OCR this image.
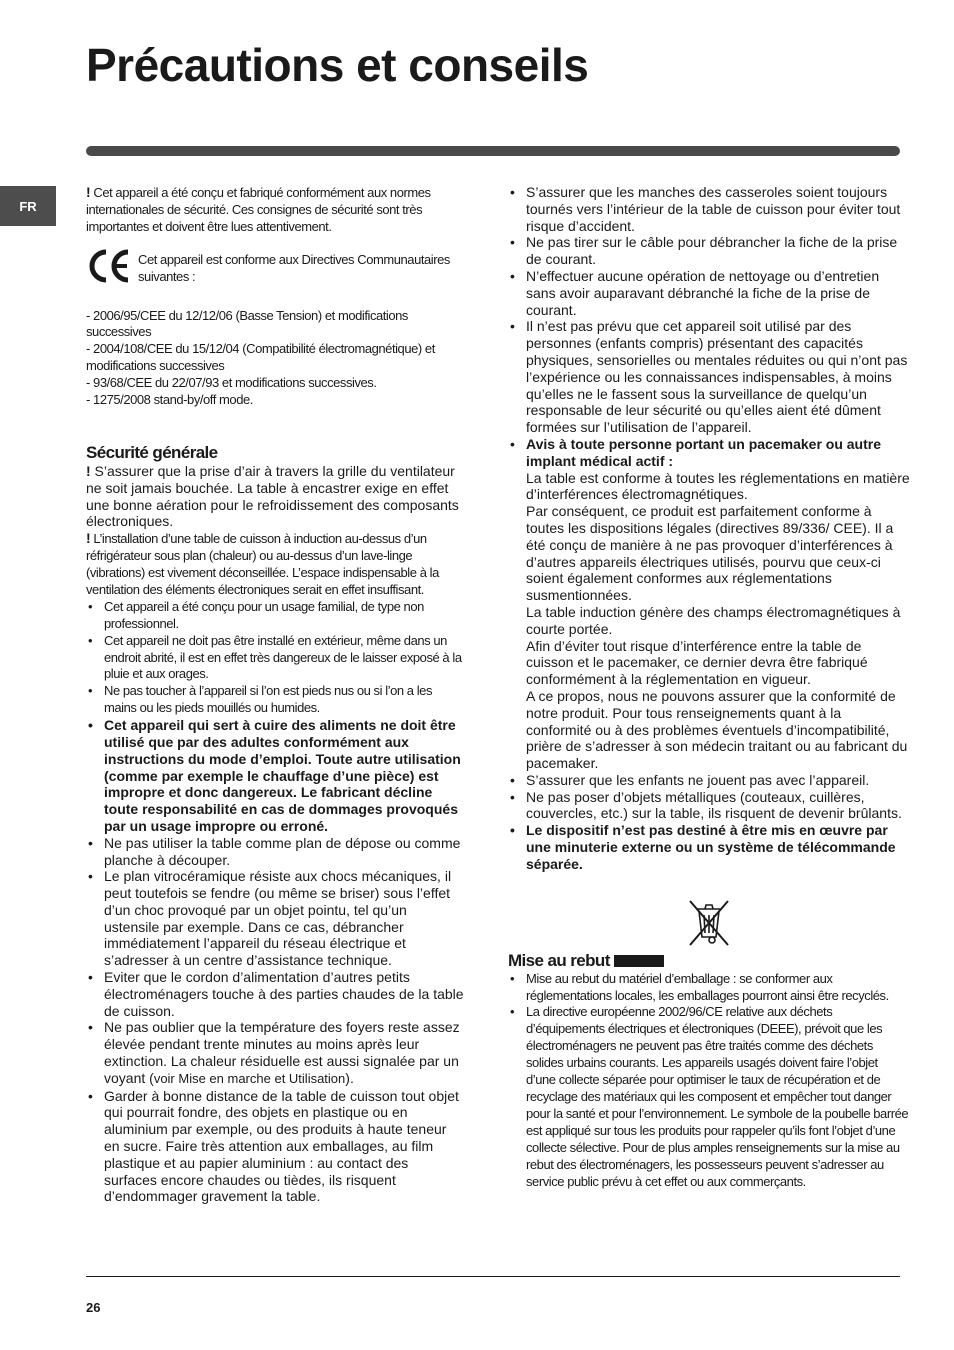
Précautions et conseils
FR

! Cet appareil a été conçu et fabriqué conformément aux normes internationales de sécurité. Ces consignes de sécurité sont très importantes et doivent être lues attentivement.

Cet appareil est conforme aux Directives Communautaires suivantes :

- 2006/95/CEE du 12/12/06 (Basse Tension) et modifications successives

- 2004/108/CEE du 15/12/04 (Compatibilité électromagnétique) et modifications successives

- 93/68/CEE du 22/07/93 et modifications successives.

- 1275/2008 stand-by/off mode.

Sécurité générale

! S’assurer que la prise d’air à travers la grille du ventilateur ne soit jamais bouchée. La table à encastrer exige en effet une bonne aération pour le refroidissement des composants électroniques.

! L’installation d’une table de cuisson à induction au-dessus d’un réfrigérateur sous plan (chaleur) ou au-dessus d’un lave-linge (vibrations) est vivement déconseillée. L’espace indispensable à la ventilation des éléments électroniques serait en effet insuffisant.

• Cet appareil a été conçu pour un usage familial, de type non professionnel.
• Cet appareil ne doit pas être installé en extérieur, même dans un endroit abrité, il est en effet très dangereux de le laisser exposé à la pluie et aux orages.
• Ne pas toucher à l’appareil si l’on est pieds nus ou si l’on a les mains ou les pieds mouillés ou humides.
• Cet appareil qui sert à cuire des aliments ne doit être utilisé que par des adultes conformément aux instructions du mode d’emploi. Toute autre utilisation (comme par exemple le chauffage d’une pièce) est impropre et donc dangereux. Le fabricant décline toute responsabilité en cas de dommages provoqués par un usage impropre ou erroné.
• Ne pas utiliser la table comme plan de dépose ou comme planche à découper.
• Le plan vitrocéramique résiste aux chocs mécaniques, il peut toutefois se fendre (ou même se briser) sous l’effet d’un choc provoqué par un objet pointu, tel qu’un ustensile par exemple. Dans ce cas, débrancher immédiatement l’appareil du réseau électrique et s’adresser à un centre d’assistance technique.
• Eviter que le cordon d’alimentation d’autres petits électroménagers touche à des parties chaudes de la table de cuisson.
• Ne pas oublier que la température des foyers reste assez élevée pendant trente minutes au moins après leur extinction. La chaleur résiduelle est aussi signalée par un voyant (voir Mise en marche et Utilisation).
• Garder à bonne distance de la table de cuisson tout objet qui pourrait fondre, des objets en plastique ou en aluminium par exemple, ou des produits à haute teneur en sucre. Faire très attention aux emballages, au film plastique et au papier aluminium : au contact des surfaces encore chaudes ou tièdes, ils risquent d’endommager gravement la table.
• S’assurer que les manches des casseroles soient toujours tournés vers l’intérieur de la table de cuisson pour éviter tout risque d’accident.
• Ne pas tirer sur le câble pour débrancher la fiche de la prise de courant.
• N’effectuer aucune opération de nettoyage ou d’entretien sans avoir auparavant débranché la fiche de la prise de courant.
• Il n’est pas prévu que cet appareil soit utilisé par des personnes (enfants compris) présentant des capacités physiques, sensorielles ou mentales réduites ou qui n’ont pas l’expérience ou les connaissances indispensables, à moins qu’elles ne le fassent sous la surveillance de quelqu’un responsable de leur sécurité ou qu’elles aient été dûment formées sur l’utilisation de l’appareil.
• Avis à toute personne portant un pacemaker ou autre implant médical actif :
La table est conforme à toutes les réglementations en matière d’interférences électromagnétiques.
Par conséquent, ce produit est parfaitement conforme à toutes les dispositions légales (directives 89/336/ CEE). Il a été conçu de manière à ne pas provoquer d’interférences à d’autres appareils électriques utilisés, pourvu que ceux-ci soient également conformes aux réglementations susmentionnées.
La table induction génère des champs électromagnétiques à courte portée.
Afin d’éviter tout risque d’interférence entre la table de cuisson et le pacemaker, ce dernier devra être fabriqué conformément à la réglementation en vigueur.
A ce propos, nous ne pouvons assurer que la conformité de notre produit. Pour tous renseignements quant à la conformité ou à des problèmes éventuels d’incompatibilité, prière de s’adresser à son médecin traitant ou au fabricant du pacemaker.
• S’assurer que les enfants ne jouent pas avec l’appareil.
• Ne pas poser d’objets métalliques (couteaux, cuillères, couvercles, etc.) sur la table, ils risquent de devenir brûlants.
• Le dispositif n’est pas destiné à être mis en œuvre par une minuterie externe ou un système de télécommande séparée.
Mise au rebut
• Mise au rebut du matériel d’emballage : se conformer aux réglementations locales, les emballages pourront ainsi être recyclés.
• La directive européenne 2002/96/CE relative aux déchets d’équipements électriques et électroniques (DEEE), prévoit que les électroménagers ne peuvent pas être traités comme des déchets solides urbains courants. Les appareils usagés doivent faire l’objet d’une collecte séparée pour optimiser le taux de récupération et de recyclage des matériaux qui les composent et empêcher tout danger pour la santé et pour l’environnement. Le symbole de la poubelle barrée est appliqué sur tous les produits pour rappeler qu’ils font l’objet d’une collecte sélective. Pour de plus amples renseignements sur la mise au rebut des électroménagers, les possesseurs peuvent s’adresser au service public prévu à cet effet ou aux commerçants.
26
